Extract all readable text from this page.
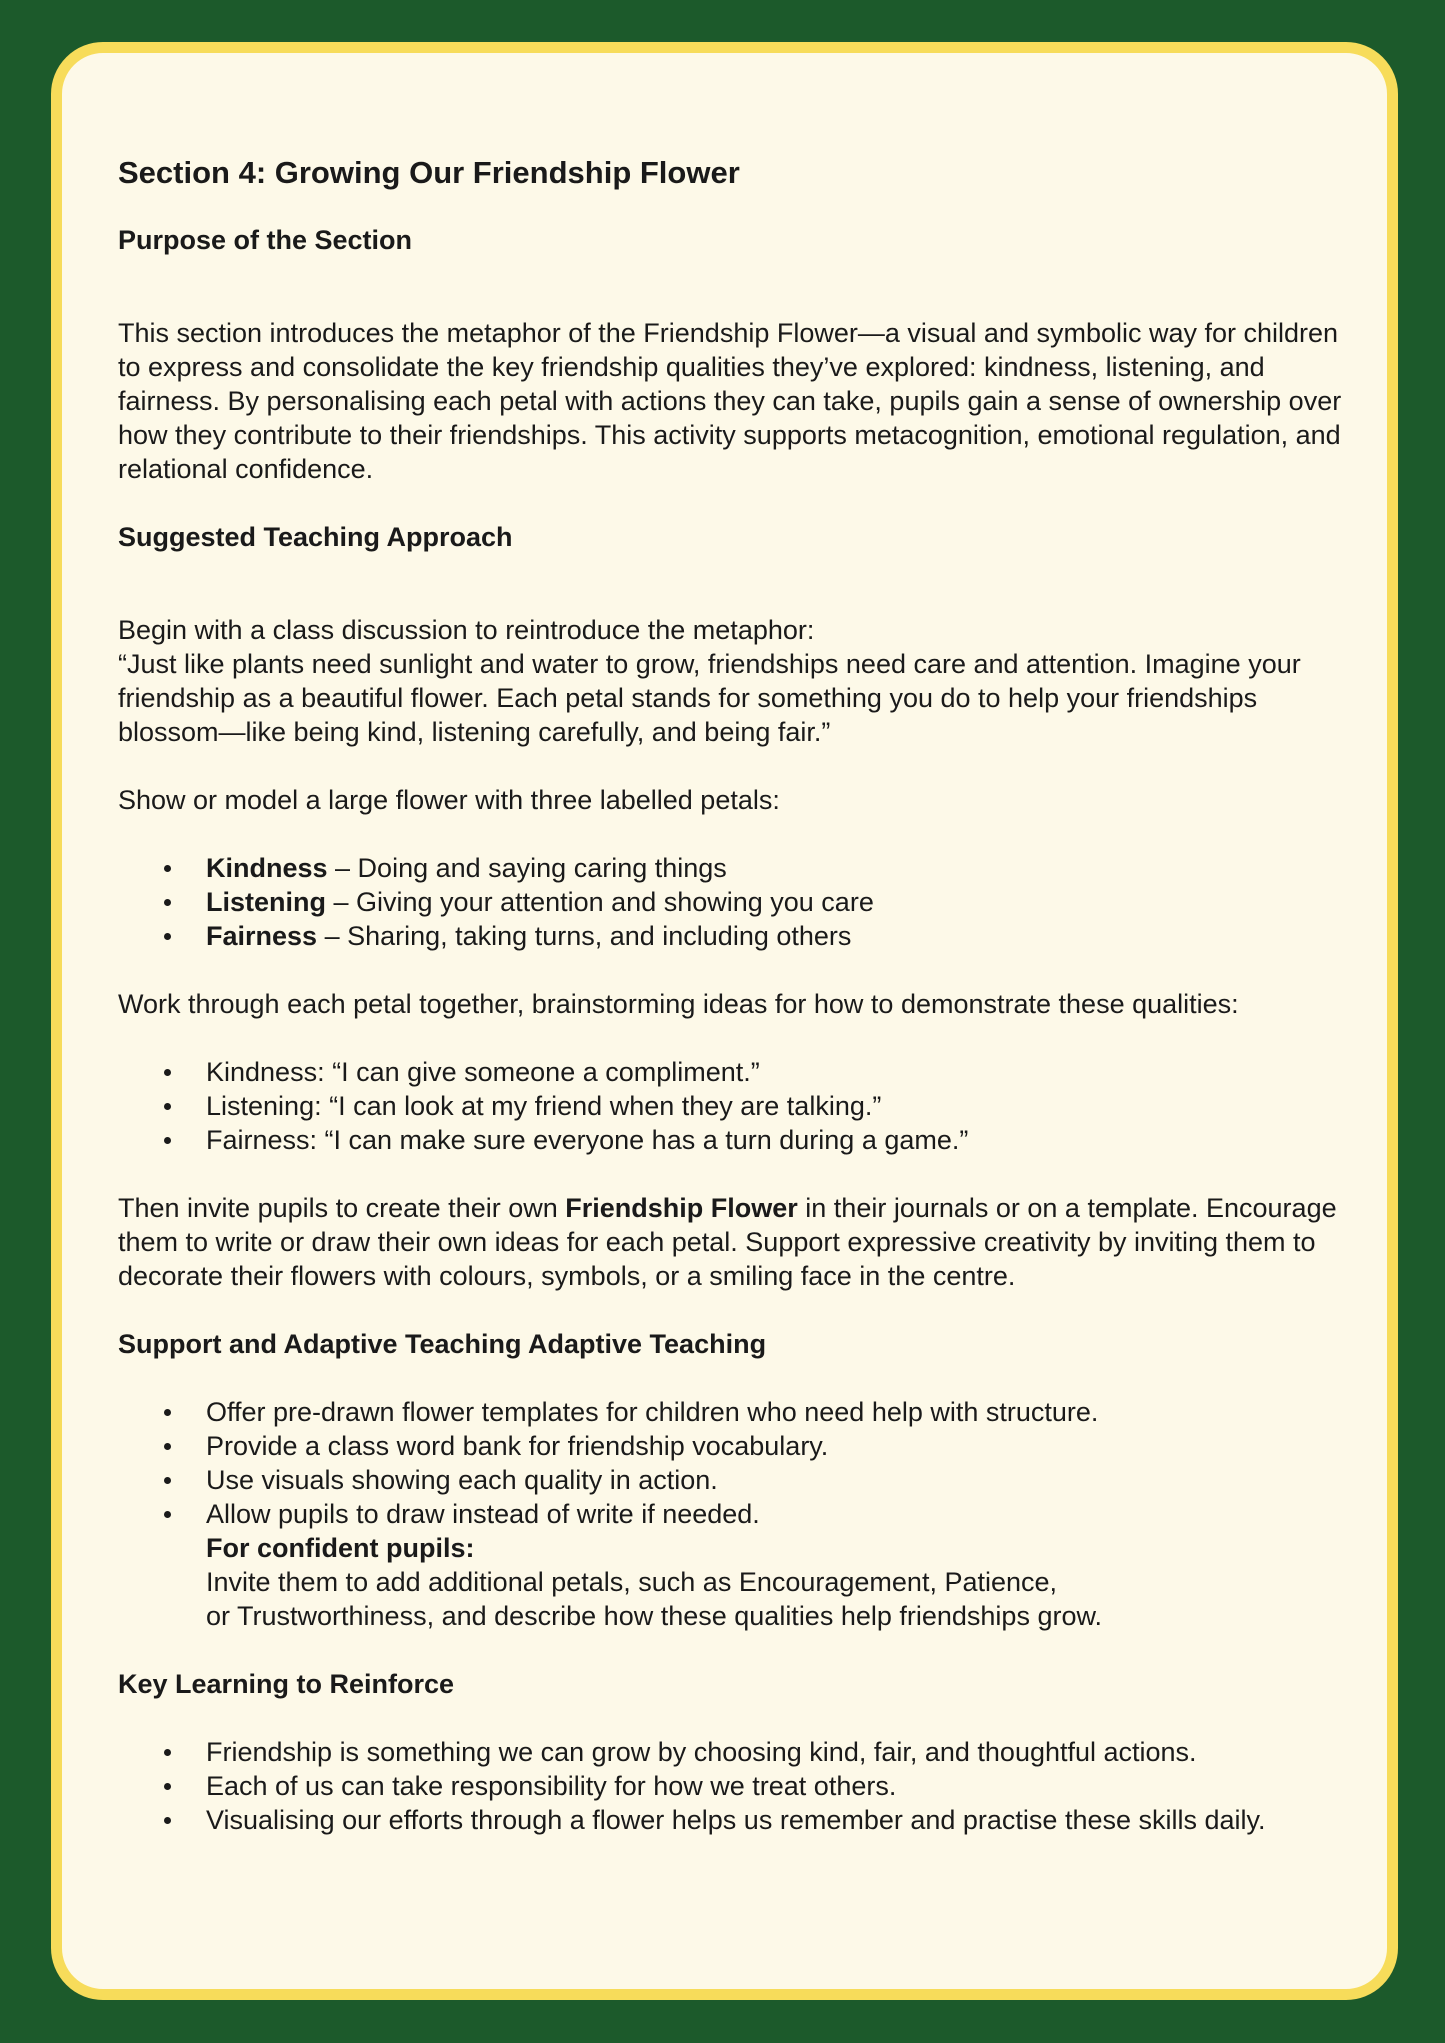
Section 4: Growing Our Friendship Flower
Purpose of the Section

This section introduces the metaphor of the Friendship Flower—a visual and symbolic way for children to express and consolidate the key friendship qualities they’ve explored: kindness, listening, and fairness. By personalising each petal with actions they can take, pupils gain a sense of ownership over how they contribute to their friendships. This activity supports metacognition, emotional regulation, and relational confidence.

Suggested Teaching Approach

Begin with a class discussion to reintroduce the metaphor:

“Just like plants need sunlight and water to grow, friendships need care and attention. Imagine your friendship as a beautiful flower. Each petal stands for something you do to help your friendships blossom—like being kind, listening carefully, and being fair.”

Show or model a large flower with three labelled petals:

Kindness – Doing and saying caring things
Listening – Giving your attention and showing you care
Fairness – Sharing, taking turns, and including others

Work through each petal together, brainstorming ideas for how to demonstrate these qualities:

Kindness: “I can give someone a compliment.”
Listening: “I can look at my friend when they are talking.”
Fairness: “I can make sure everyone has a turn during a game.”

Then invite pupils to create their own Friendship Flower in their journals or on a template. Encourage them to write or draw their own ideas for each petal. Support expressive creativity by inviting them to decorate their flowers with colours, symbols, or a smiling face in the centre.

Support and Adaptive Teaching Adaptive Teaching
Offer pre-drawn flower templates for children who need help with structure.
Provide a class word bank for friendship vocabulary.
Use visuals showing each quality in action.
Allow pupils to draw instead of write if needed.
For confident pupils:
Invite them to add additional petals, such as Encouragement, Patience,
or Trustworthiness, and describe how these qualities help friendships grow.
Key Learning to Reinforce
Friendship is something we can grow by choosing kind, fair, and thoughtful actions.
Each of us can take responsibility for how we treat others.
Visualising our efforts through a flower helps us remember and practise these skills daily.
